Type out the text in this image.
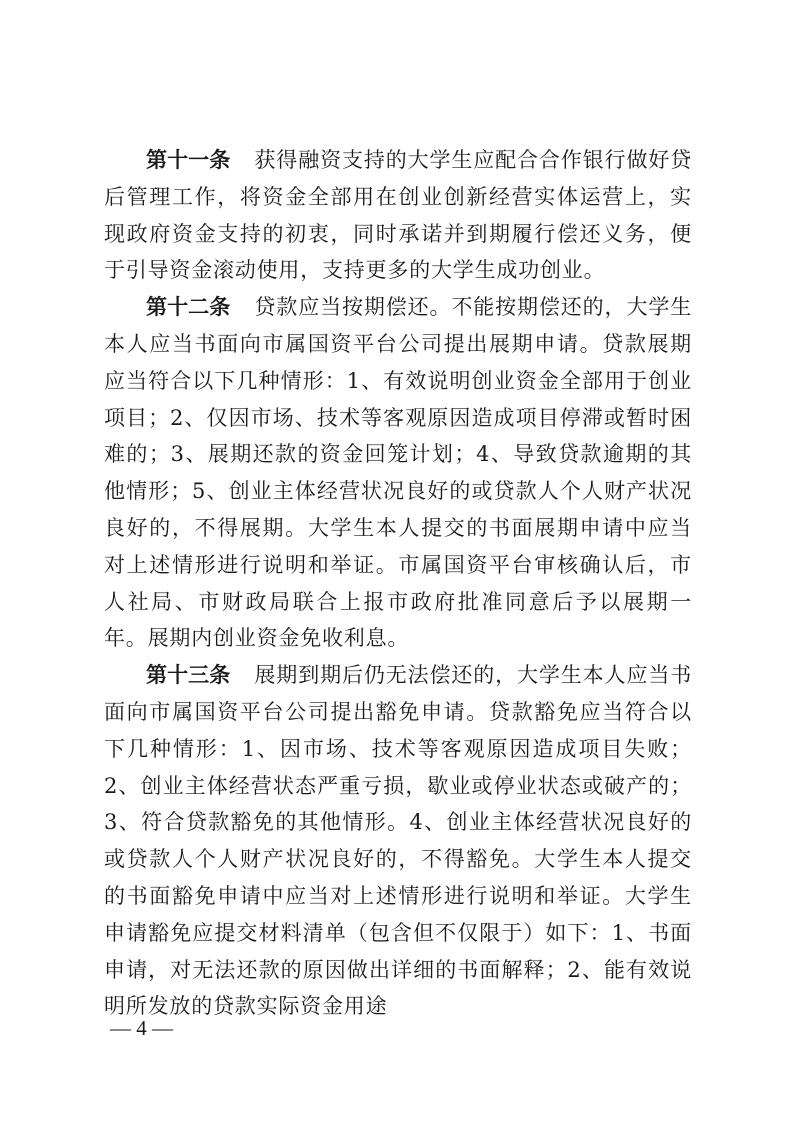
第十一条 获得融资支持的大学生应配合合作银行做好贷后管理工作，将资金全部用在创业创新经营实体运营上，实现政府资金支持的初衷，同时承诺并到期履行偿还义务，便于引导资金滚动使用，支持更多的大学生成功创业。

第十二条 贷款应当按期偿还。不能按期偿还的，大学生本人应当书面向市属国资平台公司提出展期申请。贷款展期应当符合以下几种情形：1、有效说明创业资金全部用于创业项目；2、仅因市场、技术等客观原因造成项目停滞或暂时困难的；3、展期还款的资金回笼计划；4、导致贷款逾期的其他情形；5、创业主体经营状况良好的或贷款人个人财产状况良好的，不得展期。大学生本人提交的书面展期申请中应当对上述情形进行说明和举证。市属国资平台审核确认后，市人社局、市财政局联合上报市政府批准同意后予以展期一年。展期内创业资金免收利息。

第十三条 展期到期后仍无法偿还的，大学生本人应当书面向市属国资平台公司提出豁免申请。贷款豁免应当符合以下几种情形：1、因市场、技术等客观原因造成项目失败；2、创业主体经营状态严重亏损，歇业或停业状态或破产的；3、符合贷款豁免的其他情形。4、创业主体经营状况良好的或贷款人个人财产状况良好的，不得豁免。大学生本人提交的书面豁免申请中应当对上述情形进行说明和举证。大学生申请豁免应提交材料清单（包含但不仅限于）如下：1、书面申请，对无法还款的原因做出详细的书面解释；2、能有效说明所发放的贷款实际资金用途

— 4 —
